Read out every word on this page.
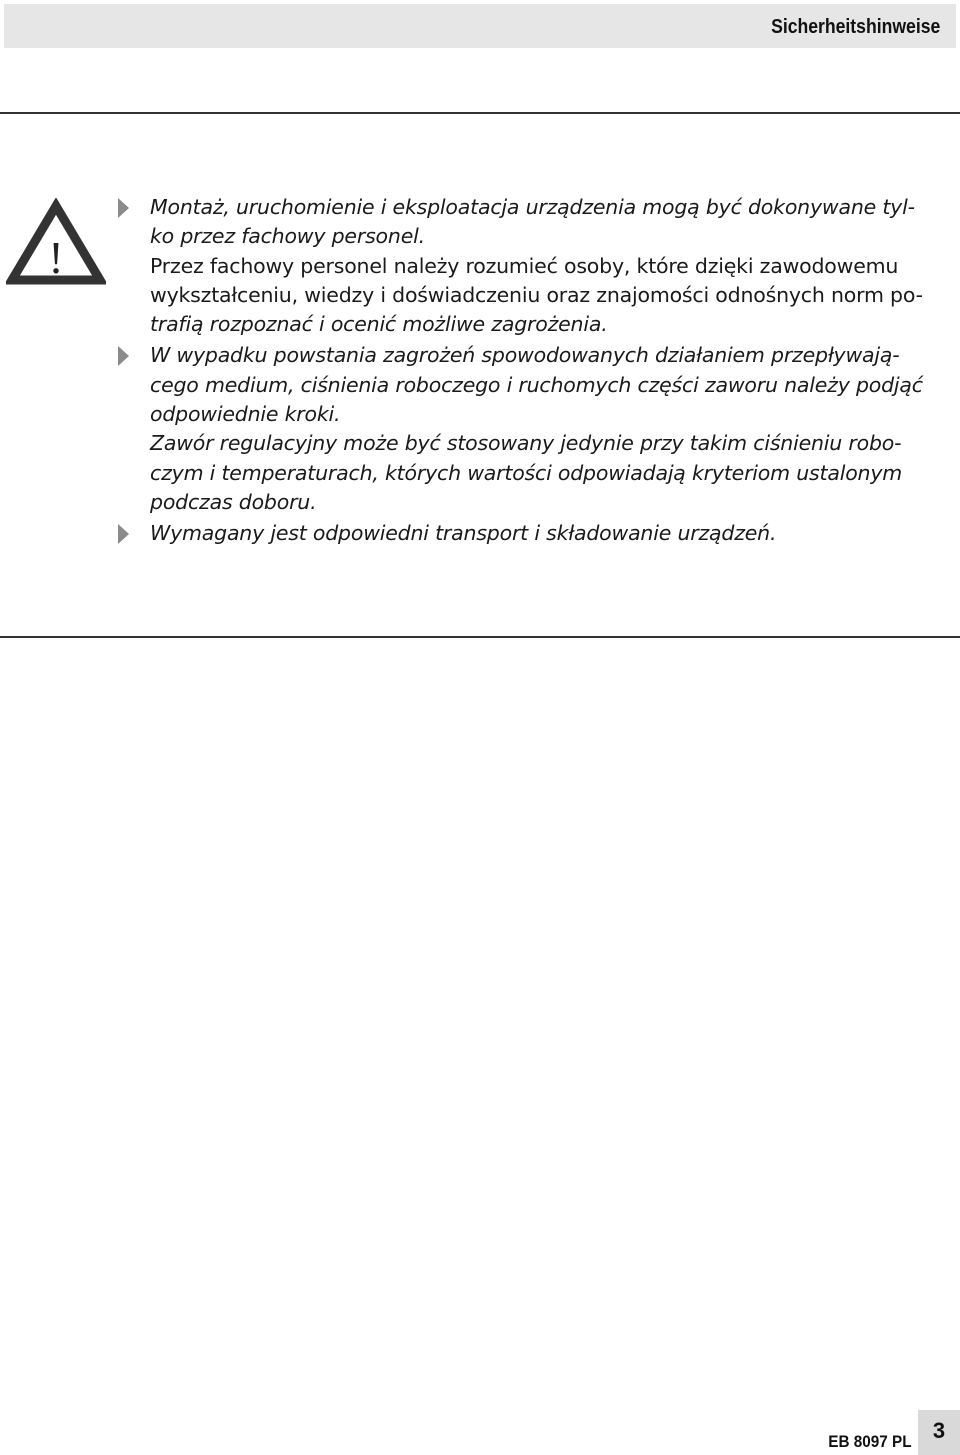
Sicherheitshinweise
!

Montaż, uruchomienie i eksploatacja urządzenia mogą być dokonywane tyl-
ko przez fachowy personel.
Przez fachowy personel należy rozumieć osoby, które dzięki zawodowemu
wykształceniu, wiedzy i doświadczeniu oraz znajomości odnośnych norm po-
trafią rozpoznać i ocenić możliwe zagrożenia.

W wypadku powstania zagrożeń spowodowanych działaniem przepływają-
cego medium, ciśnienia roboczego i ruchomych części zaworu należy podjąć
odpowiednie kroki.
Zawór regulacyjny może być stosowany jedynie przy takim ciśnieniu robo-
czym i temperaturach, których wartości odpowiadają kryteriom ustalonym
podczas doboru.

Wymagany jest odpowiedni transport i składowanie urządzeń.

EB 8097 PL 3
